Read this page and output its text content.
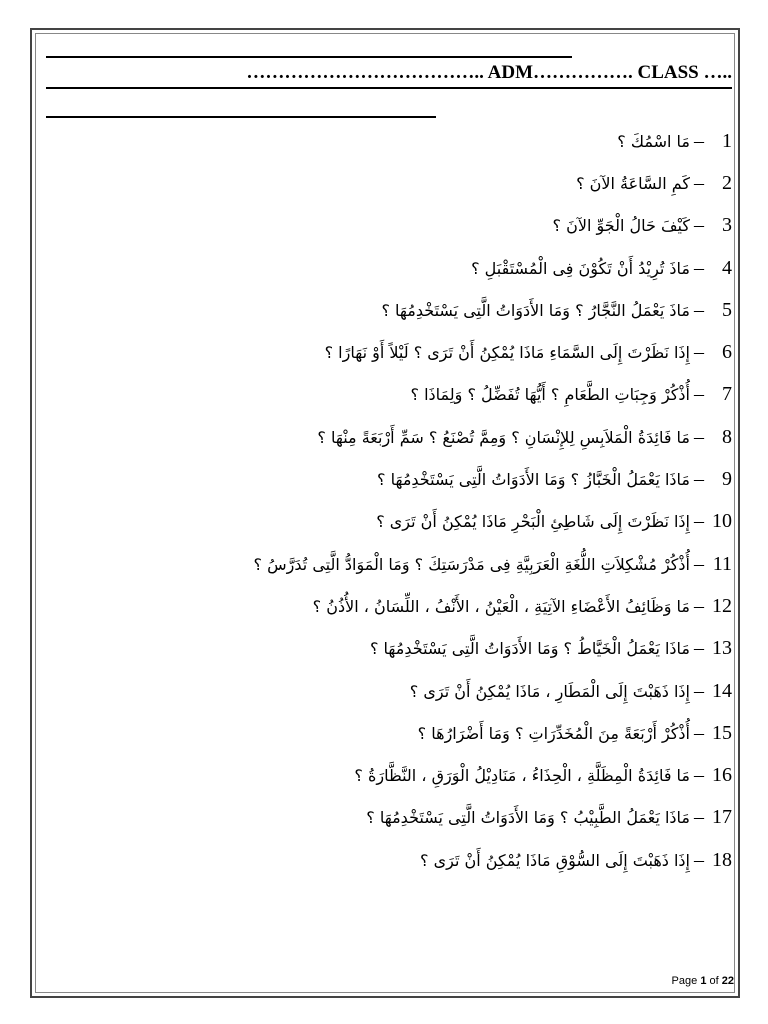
……………………………….. ADM……………. CLASS …..
مَا اسْمُكَ ؟ – 1
كَمِ السَّاعَةُ الآنَ ؟ – 2
كَيْفَ حَالُ الْجَوِّ الآنَ ؟ – 3
مَاذَ تُرِيْدُ أَنْ تَكُوْنَ فِى الْمُسْتَقْبَلِ ؟ – 4
مَاذَ يَعْمَلُ النَّجَّارُ ؟ وَمَا الأَدَوَاتُ الَّتِى يَسْتَخْدِمُهَا ؟ – 5
إِذَا نَظَرْتَ إِلَى السَّمَاءِ مَاذَا يُمْكِنُ أَنْ تَرَى ؟ لَيْلاً أَوْ نَهَارًا ؟ – 6
أُذْكُرْ وَجِبَاتِ الطَّعَامِ ؟ أَيُّهَا تُفَضِّلُ ؟ وَلِمَاذَا ؟ – 7
مَا فَائِدَةُ الْمَلاَبِسِ لِلإِنْسَانِ ؟ وَمِمَّ تُصْنَعُ ؟ سَمِّ أَرْبَعَةً مِنْهَا ؟ – 8
مَاذَا يَعْمَلُ الْخَبَّازُ ؟ وَمَا الأَدَوَاتُ الَّتِى يَسْتَخْدِمُهَا ؟ – 9
إِذَا نَظَرْتَ إِلَى شَاطِئِ الْبَحْرِ مَاذَا يُمْكِنُ أَنْ تَرَى ؟ – 10
أُذْكُرْ مُشْكِلاَتِ اللُّغَةِ الْعَرَبِيَّةِ فِى مَدْرَسَتِكَ ؟ وَمَا الْمَوَادُّ الَّتِى تُدَرَّسُ ؟ – 11
مَا وَظَائِفُ الأَعْضَاءِ الآتِيَةِ ، الْعَيْنُ ، الأَنْفُ ، اللِّسَانُ ، الأُذُنُ ؟ – 12
مَاذَا يَعْمَلُ الْخَيَّاطُ ؟ وَمَا الأَدَوَاتُ الَّتِى يَسْتَخْدِمُهَا ؟ – 13
إِذَا ذَهَبْتَ إِلَى الْمَطَارِ ، مَاذَا يُمْكِنُ أَنْ تَرَى ؟ – 14
أُذْكُرْ أَرْبَعَةً مِنَ الْمُخَدِّرَاتِ ؟ وَمَا أَضْرَارُهَا ؟ – 15
مَا فَائِدَةُ الْمِظَلَّةِ ، الْحِذَاءُ ، مَنَادِيْلُ الْوَرَقِ ، النَّظَّارَةُ ؟ – 16
مَاذَا يَعْمَلُ الطَّبِيْبُ ؟ وَمَا الأَدَوَاتُ الَّتِى يَسْتَخْدِمُهَا ؟ – 17
إِذَا ذَهَبْتَ إِلَى السُّوْقِ مَاذَا يُمْكِنُ أَنْ تَرَى ؟ – 18
Page 1 of 22
